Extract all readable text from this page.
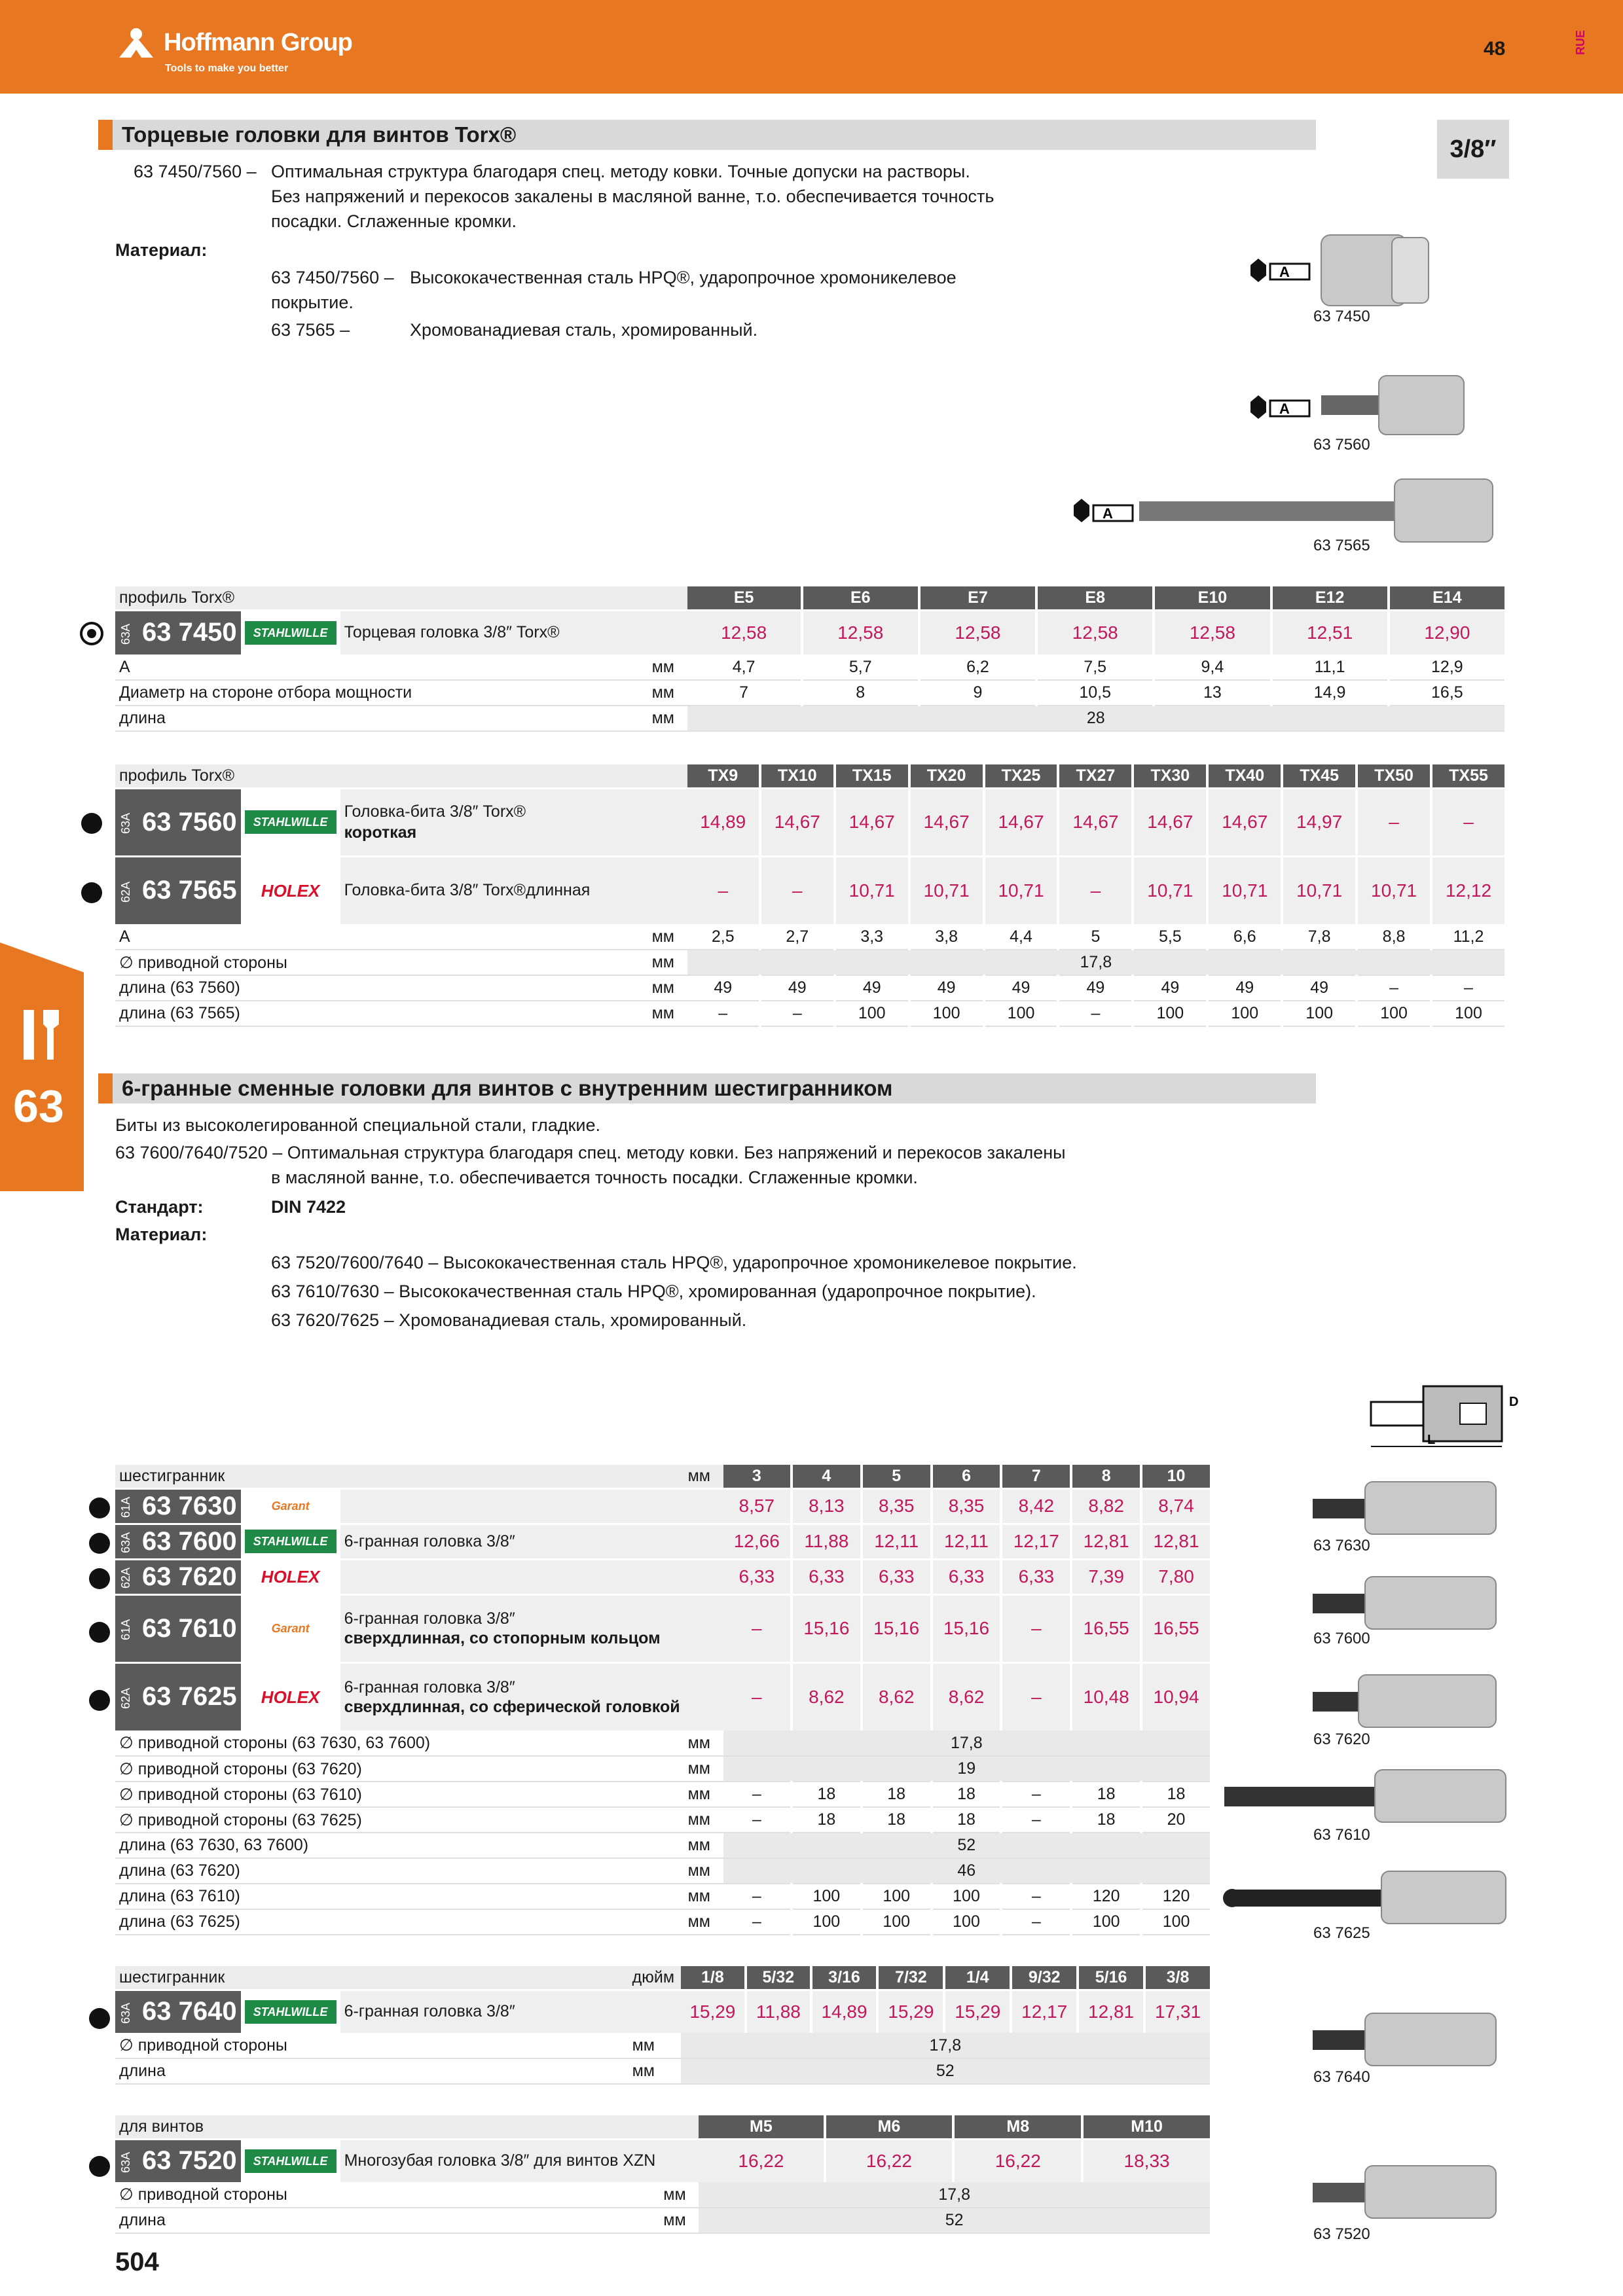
Hoffmann Group
Tools to make you better
48	RUE
Торцевые головки для винтов Torx®
3/8″
63 7450/7560 – Оптимальная структура благодаря спец. методу ковки. Точные допуски на растворы.
Без напряжений и перекосов закалены в масляной ванне, т.о. обеспечивается точность
посадки. Сглаженные кромки.
Материал:
63 7450/7560 – Высококачественная сталь HPQ®, ударопрочное хромоникелевое
покрытие.
63 7565 –	Хромованадиевая сталь, хромированный.
A
63 7450
A
63 7560
A
63 7565
профиль Torx®				E5	E6	E7	E8	E10	E12	E14
63A 63 7450	STAHLWILLE	Торцевая головка 3/8″ Torx®		12,58	12,58	12,58	12,58	12,58	12,51	12,90
A			мм	4,7	5,7	6,2	7,5	9,4	11,1	12,9
Диаметр на стороне отбора мощности			мм	7	8	9	10,5	13	14,9	16,5
длина			мм	28						
профиль Torx®				TX9	TX10	TX15	TX20	TX25	TX27	TX30	TX40	TX45	TX50	TX55
63A 63 7560	STAHLWILLE	Головка-бита 3/8″ Torx®
короткая		14,89	14,67	14,67	14,67	14,67	14,67	14,67	14,67	14,97	–	–
62A 63 7565	HOLEX	Головка-бита 3/8″ Torx®длинная		–	–	10,71	10,71	10,71	–	10,71	10,71	10,71	10,71	12,12
A			мм	2,5	2,7	3,3	3,8	4,4	5	5,5	6,6	7,8	8,8	11,2
∅ приводной стороны			мм	17,8										
длина (63 7560)			мм	49	49	49	49	49	49	49	49	49	–	–
длина (63 7565)			мм	–	–	100	100	100	–	100	100	100	100	100
63	6-гранные сменные головки для винтов с внутренним шестигранником
Биты из высоколегированной специальной стали, гладкие.
63 7600/7640/7520 – Оптимальная структура благодаря спец. методу ковки. Без напряжений и перекосов закалены
в масляной ванне, т.о. обеспечивается точность посадки. Сглаженные кромки.
Стандарт:	DIN 7422
Материал:
63 7520/7600/7640 – Высококачественная сталь HPQ®, ударопрочное хромоникелевое покрытие.
63 7610/7630 – Высококачественная сталь HPQ®, хромированная (ударопрочное покрытие).
63 7620/7625 – Хромованадиевая сталь, хромированный.
D
L
шестигранник			мм	3	4	5	6	7	8	10
61A 63 7630	Garant			8,57	8,13	8,35	8,35	8,42	8,82	8,74
63A 63 7600	STAHLWILLE	6-гранная головка 3/8″		12,66	11,88	12,11	12,11	12,17	12,81	12,81
62A 63 7620	HOLEX			6,33	6,33	6,33	6,33	6,33	7,39	7,80
61A 63 7610	Garant	6-гранная головка 3/8″
сверхдлинная, со стопорным кольцом		–	15,16	15,16	15,16	–	16,55	16,55
62A 63 7625	HOLEX	6-гранная головка 3/8″
сверхдлинная, со сферической головкой		–	8,62	8,62	8,62	–	10,48	10,94
∅ приводной стороны (63 7630, 63 7600)			мм	17,8						
∅ приводной стороны (63 7620)			мм	19						
∅ приводной стороны (63 7610)			мм	–	18	18	18	–	18	18
∅ приводной стороны (63 7625)			мм	–	18	18	18	–	18	20
длина (63 7630, 63 7600)			мм	52						
длина (63 7620)			мм	46						
длина (63 7610)			мм	–	100	100	100	–	120	120
длина (63 7625)			мм	–	100	100	100	–	100	100
шестигранник			дюйм	1/8	5/32	3/16	7/32	1/4	9/32	5/16	3/8
63A 63 7640	STAHLWILLE	6-гранная головка 3/8″		15,29	11,88	14,89	15,29	15,29	12,17	12,81	17,31
∅ приводной стороны			мм	17,8							
длина			мм	52							
для винтов				M5	M6	M8	M10
63A 63 7520	STAHLWILLE	Многозубая головка 3/8″ для винтов XZN		16,22	16,22	16,22	18,33
∅ приводной стороны			мм	17,8			
длина			мм	52			
63 7630
63 7600
63 7620
63 7610
63 7625
63 7640
63 7520
504
